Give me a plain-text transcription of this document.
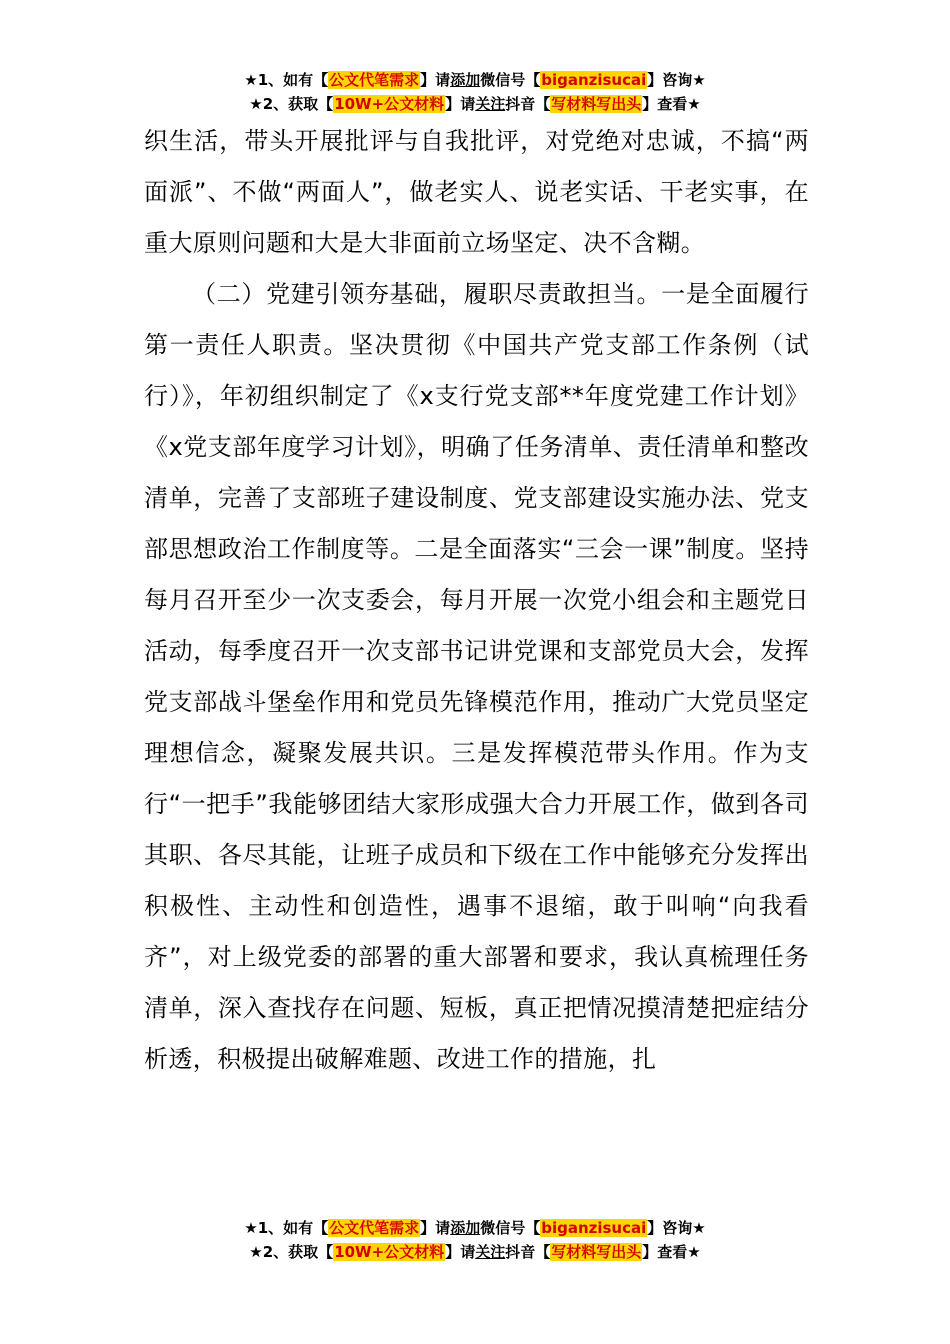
★1、如有【公文代笔需求】请添加微信号【biganzisucai】咨询★
★2、获取【10W+公文材料】请关注抖音【写材料写出头】查看★

织生活，带头开展批评与自我批评，对党绝对忠诚，不搞“两面派”、不做“两面人”，做老实人、说老实话、干老实事，在重大原则问题和大是大非面前立场坚定、决不含糊。

（二）党建引领夯基础，履职尽责敢担当。一是全面履行第一责任人职责。坚决贯彻《中国共产党支部工作条例（试行）》，年初组织制定了《x支行党支部**年度党建工作计划》《x党支部年度学习计划》，明确了任务清单、责任清单和整改清单，完善了支部班子建设制度、党支部建设实施办法、党支部思想政治工作制度等。二是全面落实“三会一课”制度。坚持每月召开至少一次支委会，每月开展一次党小组会和主题党日活动，每季度召开一次支部书记讲党课和支部党员大会，发挥党支部战斗堡垒作用和党员先锋模范作用，推动广大党员坚定理想信念，凝聚发展共识。三是发挥模范带头作用。作为支行“一把手”我能够团结大家形成强大合力开展工作，做到各司其职、各尽其能，让班子成员和下级在工作中能够充分发挥出积极性、主动性和创造性，遇事不退缩，敢于叫响“向我看齐”，对上级党委的部署的重大部署和要求，我认真梳理任务清单，深入查找存在问题、短板，真正把情况摸清楚把症结分析透，积极提出破解难题、改进工作的措施，扎

★1、如有【公文代笔需求】请添加微信号【biganzisucai】咨询★
★2、获取【10W+公文材料】请关注抖音【写材料写出头】查看★
